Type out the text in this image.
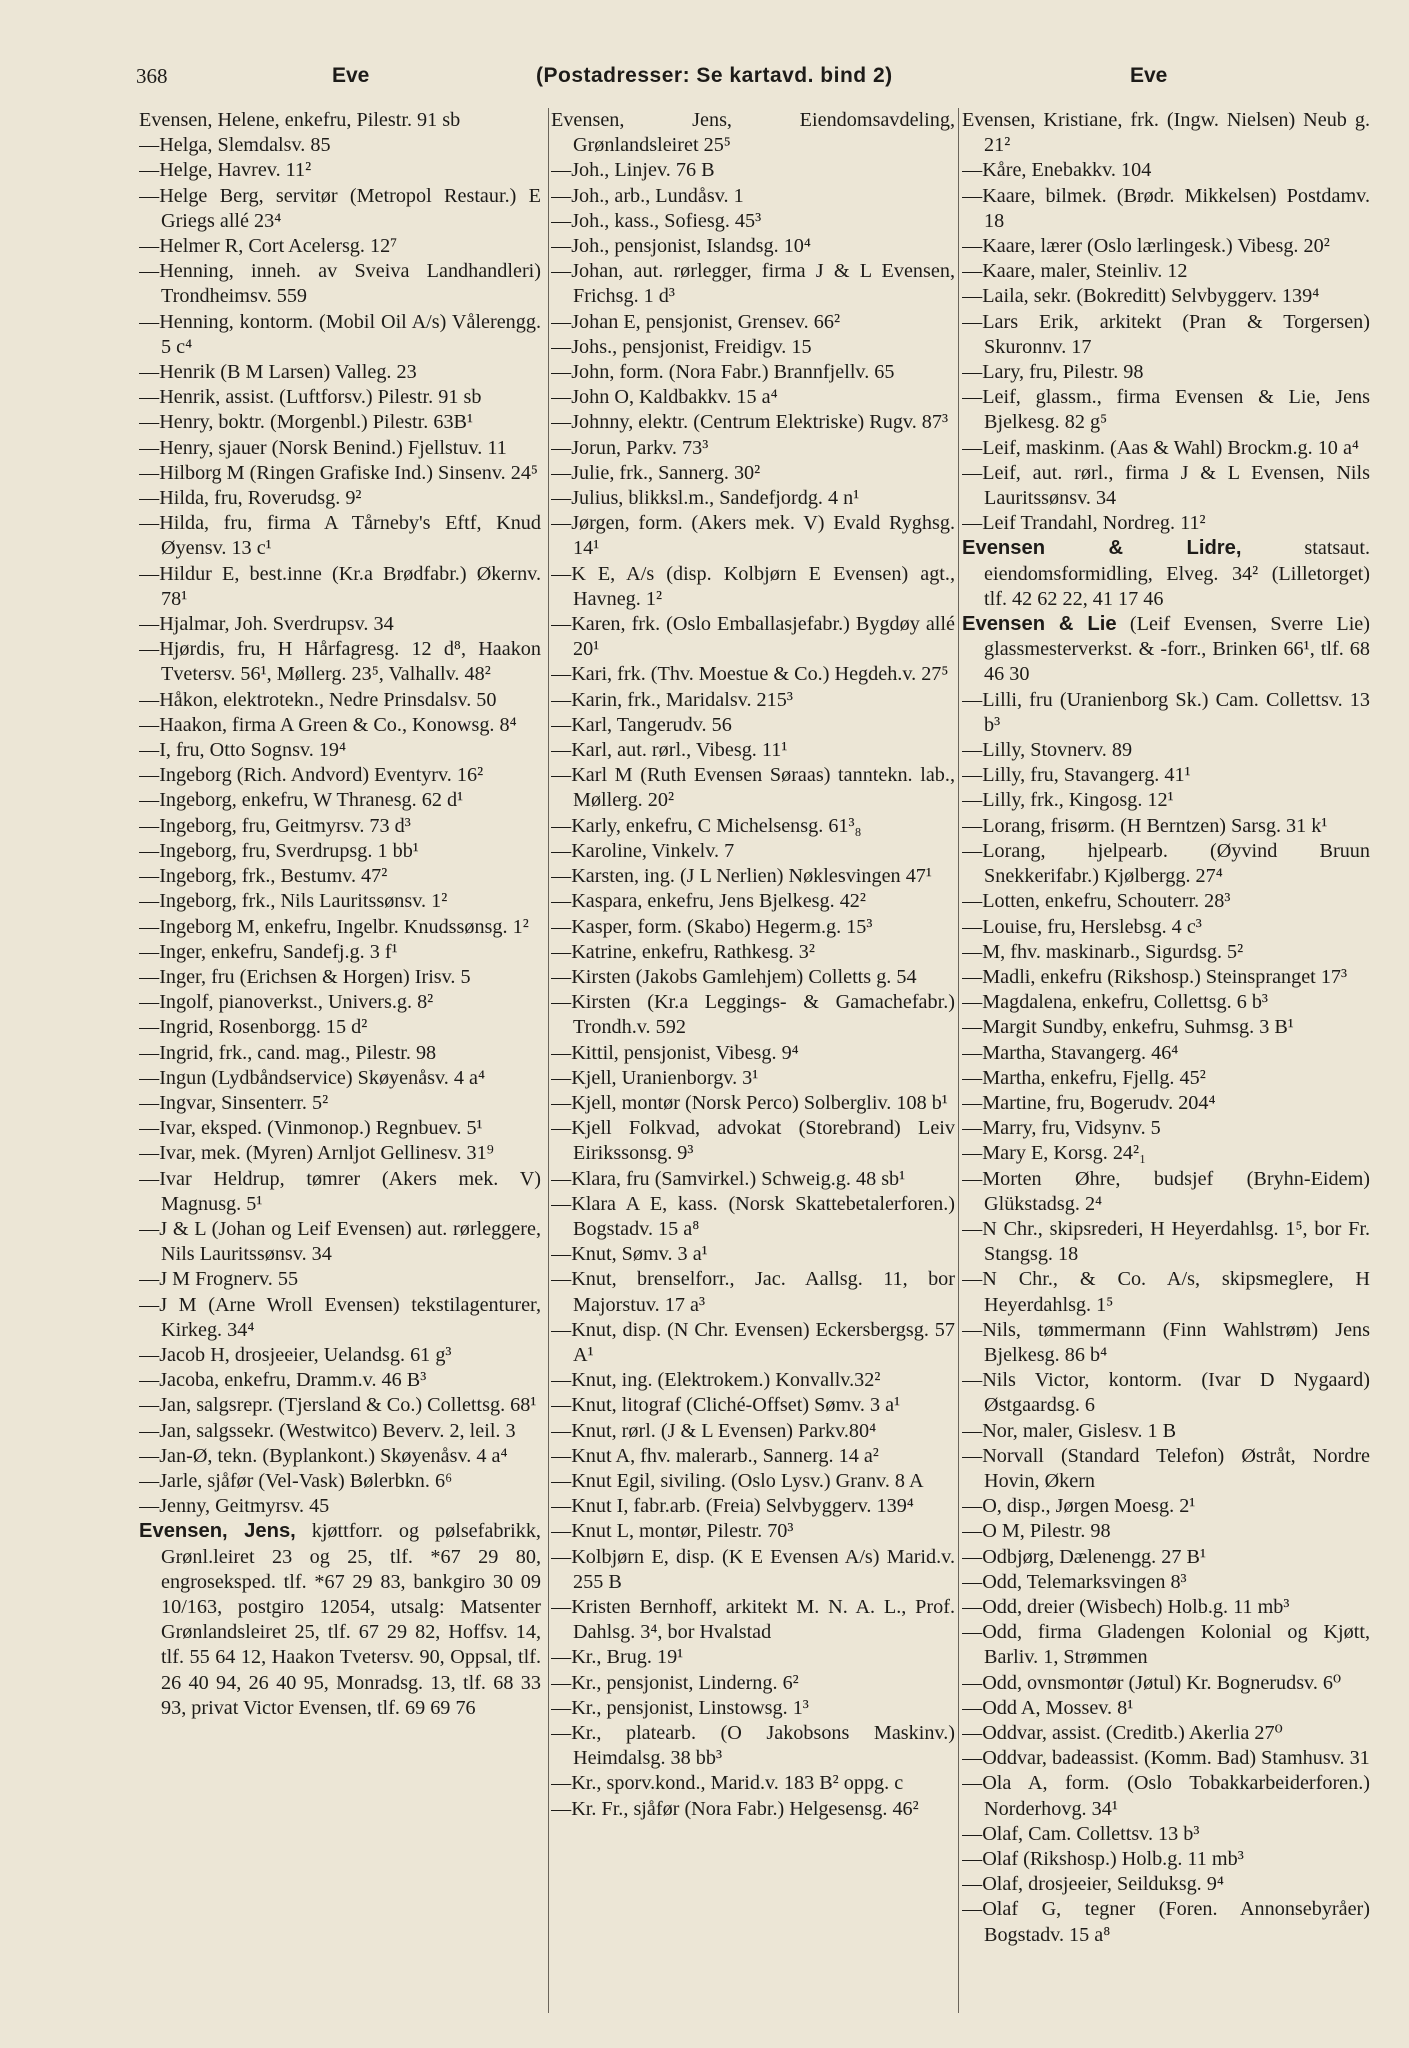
368	Eve	(Postadresser: Se kartavd. bind 2)	Eve
Evensen, Helene, enkefru, Pilestr. 91 sb
—Helga, Slemdalsv. 85
—Helge, Havrev. 11²
—Helge Berg, servitør (Metropol Restaur.) E Griegs allé 23⁴
—Helmer R, Cort Acelersg. 12⁷
—Henning, inneh. av Sveiva Landhandleri) Trondheimsv. 559
—Henning, kontorm. (Mobil Oil A/s) Vålerengg. 5 c⁴
—Henrik (B M Larsen) Valleg. 23
—Henrik, assist. (Luftforsv.) Pilestr. 91 sb
—Henry, boktr. (Morgenbl.) Pilestr. 63B¹
—Henry, sjauer (Norsk Benind.) Fjellstuv. 11
—Hilborg M (Ringen Grafiske Ind.) Sinsenv. 24⁵
—Hilda, fru, Roverudsg. 9²
—Hilda, fru, firma A Tårneby's Eftf, Knud Øyensv. 13 c¹
—Hildur E, best.inne (Kr.a Brødfabr.) Økernv. 78¹
—Hjalmar, Joh. Sverdrupsv. 34
—Hjørdis, fru, H Hårfagresg. 12 d⁸, Haakon Tvetersv. 56¹, Møllerg. 23⁵, Valhallv. 48²
—Håkon, elektrotekn., Nedre Prinsdalsv. 50
—Haakon, firma A Green & Co., Konowsg. 8⁴
—I, fru, Otto Sognsv. 19⁴
—Ingeborg (Rich. Andvord) Eventyrv. 16²
—Ingeborg, enkefru, W Thranesg. 62 d¹
—Ingeborg, fru, Geitmyrsv. 73 d³
—Ingeborg, fru, Sverdrupsg. 1 bb¹
—Ingeborg, frk., Bestumv. 47²
—Ingeborg, frk., Nils Lauritssønsv. 1²
—Ingeborg M, enkefru, Ingelbr. Knudssønsg. 1²
—Inger, enkefru, Sandefj.g. 3 f¹
—Inger, fru (Erichsen & Horgen) Irisv. 5
—Ingolf, pianoverkst., Univers.g. 8²
—Ingrid, Rosenborgg. 15 d²
—Ingrid, frk., cand. mag., Pilestr. 98
—Ingun (Lydbåndservice) Skøyenåsv. 4 a⁴
—Ingvar, Sinsenterr. 5²
—Ivar, eksped. (Vinmonop.) Regnbuev. 5¹
—Ivar, mek. (Myren) Arnljot Gellinesv. 31⁹
—Ivar Heldrup, tømrer (Akers mek. V) Magnusg. 5¹
—J & L (Johan og Leif Evensen) aut. rørleggere, Nils Lauritssønsv. 34
—J M Frognerv. 55
—J M (Arne Wroll Evensen) tekstilagenturer, Kirkeg. 34⁴
—Jacob H, drosjeeier, Uelandsg. 61 g³
—Jacoba, enkefru, Dramm.v. 46 B³
—Jan, salgsrepr. (Tjersland & Co.) Collettsg. 68¹
—Jan, salgssekr. (Westwitco) Beverv. 2, leil. 3
—Jan-Ø, tekn. (Byplankont.) Skøyenåsv. 4 a⁴
—Jarle, sjåfør (Vel-Vask) Bølerbkn. 6⁶
—Jenny, Geitmyrsv. 45
Evensen, Jens, kjøttforr. og pølsefabrikk, Grønl.leiret 23 og 25, tlf. *67 29 80, engroseksped. tlf. *67 29 83, bankgiro 30 09 10/163, postgiro 12054, utsalg: Matsenter Grønlandsleiret 25, tlf. 67 29 82, Hoffsv. 14, tlf. 55 64 12, Haakon Tvetersv. 90, Oppsal, tlf. 26 40 94, 26 40 95, Monradsg. 13, tlf. 68 33 93, privat Victor Evensen, tlf. 69 69 76
Evensen, Jens, Eiendomsavdeling, Grønlandsleiret 25⁵
—Joh., Linjev. 76 B
—Joh., arb., Lundåsv. 1
—Joh., kass., Sofiesg. 45³
—Joh., pensjonist, Islandsg. 10⁴
—Johan, aut. rørlegger, firma J & L Evensen, Frichsg. 1 d³
—Johan E, pensjonist, Grensev. 66²
—Johs., pensjonist, Freidigv. 15
—John, form. (Nora Fabr.) Brannfjellv. 65
—John O, Kaldbakkv. 15 a⁴
—Johnny, elektr. (Centrum Elektriske) Rugv. 87³
—Jorun, Parkv. 73³
—Julie, frk., Sannerg. 30²
—Julius, blikksl.m., Sandefjordg. 4 n¹
—Jørgen, form. (Akers mek. V) Evald Ryghsg. 14¹
—K E, A/s (disp. Kolbjørn E Evensen) agt., Havneg. 1²
—Karen, frk. (Oslo Emballasjefabr.) Bygdøy allé 20¹
—Kari, frk. (Thv. Moestue & Co.) Hegdeh.v. 27⁵
—Karin, frk., Maridalsv. 215³
—Karl, Tangerudv. 56
—Karl, aut. rørl., Vibesg. 11¹
—Karl M (Ruth Evensen Søraas) tanntekn. lab., Møllerg. 20²
—Karly, enkefru, C Michelsensg. 61³₈
—Karoline, Vinkelv. 7
—Karsten, ing. (J L Nerlien) Nøklesvingen 47¹
—Kaspara, enkefru, Jens Bjelkesg. 42²
—Kasper, form. (Skabo) Hegerm.g. 15³
—Katrine, enkefru, Rathkesg. 3²
—Kirsten (Jakobs Gamlehjem) Colletts g. 54
—Kirsten (Kr.a Leggings- & Gamachefabr.) Trondh.v. 592
—Kittil, pensjonist, Vibesg. 9⁴
—Kjell, Uranienborgv. 3¹
—Kjell, montør (Norsk Perco) Solbergliv. 108 b¹
—Kjell Folkvad, advokat (Storebrand) Leiv Eirikssonsg. 9³
—Klara, fru (Samvirkel.) Schweig.g. 48 sb¹
—Klara A E, kass. (Norsk Skattebetalerforen.) Bogstadv. 15 a⁸
—Knut, Sømv. 3 a¹
—Knut, brenselforr., Jac. Aallsg. 11, bor Majorstuv. 17 a³
—Knut, disp. (N Chr. Evensen) Eckersbergsg. 57 A¹
—Knut, ing. (Elektrokem.) Konvallv.32²
—Knut, litograf (Cliché-Offset) Sømv. 3 a¹
—Knut, rørl. (J & L Evensen) Parkv.80⁴
—Knut A, fhv. malerarb., Sannerg. 14 a²
—Knut Egil, siviling. (Oslo Lysv.) Granv. 8 A
—Knut I, fabr.arb. (Freia) Selvbyggerv. 139⁴
—Knut L, montør, Pilestr. 70³
—Kolbjørn E, disp. (K E Evensen A/s) Marid.v. 255 B
—Kristen Bernhoff, arkitekt M. N. A. L., Prof. Dahlsg. 3⁴, bor Hvalstad
—Kr., Brug. 19¹
—Kr., pensjonist, Linderng. 6²
—Kr., pensjonist, Linstowsg. 1³
—Kr., platearb. (O Jakobsons Maskinv.) Heimdalsg. 38 bb³
—Kr., sporv.kond., Marid.v. 183 B² oppg. c
—Kr. Fr., sjåfør (Nora Fabr.) Helgesensg. 46²
Evensen, Kristiane, frk. (Ingw. Nielsen) Neub g. 21²
—Kåre, Enebakkv. 104
—Kaare, bilmek. (Brødr. Mikkelsen) Postdamv. 18
—Kaare, lærer (Oslo lærlingesk.) Vibesg. 20²
—Kaare, maler, Steinliv. 12
—Laila, sekr. (Bokreditt) Selvbyggerv. 139⁴
—Lars Erik, arkitekt (Pran & Torgersen) Skuronnv. 17
—Lary, fru, Pilestr. 98
—Leif, glassm., firma Evensen & Lie, Jens Bjelkesg. 82 g⁵
—Leif, maskinm. (Aas & Wahl) Brockm.g. 10 a⁴
—Leif, aut. rørl., firma J & L Evensen, Nils Lauritssønsv. 34
—Leif Trandahl, Nordreg. 11²
Evensen & Lidre, statsaut. eiendomsformidling, Elveg. 34² (Lilletorget) tlf. 42 62 22, 41 17 46
Evensen & Lie (Leif Evensen, Sverre Lie) glassmesterverkst. & -forr., Brinken 66¹, tlf. 68 46 30
—Lilli, fru (Uranienborg Sk.) Cam. Collettsv. 13 b³
—Lilly, Stovnerv. 89
—Lilly, fru, Stavangerg. 41¹
—Lilly, frk., Kingosg. 12¹
—Lorang, frisørm. (H Berntzen) Sarsg. 31 k¹
—Lorang, hjelpearb. (Øyvind Bruun Snekkerifabr.) Kjølbergg. 27⁴
—Lotten, enkefru, Schouterr. 28³
—Louise, fru, Herslebsg. 4 c³
—M, fhv. maskinarb., Sigurdsg. 5²
—Madli, enkefru (Rikshosp.) Steinspranget 17³
—Magdalena, enkefru, Collettsg. 6 b³
—Margit Sundby, enkefru, Suhmsg. 3 B¹
—Martha, Stavangerg. 46⁴
—Martha, enkefru, Fjellg. 45²
—Martine, fru, Bogerudv. 204⁴
—Marry, fru, Vidsynv. 5
—Mary E, Korsg. 24²₁
—Morten Øhre, budsjef (Bryhn-Eidem) Glükstadsg. 2⁴
—N Chr., skipsrederi, H Heyerdahlsg. 1⁵, bor Fr. Stangsg. 18
—N Chr., & Co. A/s, skipsmeglere, H Heyerdahlsg. 1⁵
—Nils, tømmermann (Finn Wahlstrøm) Jens Bjelkesg. 86 b⁴
—Nils Victor, kontorm. (Ivar D Nygaard) Østgaardsg. 6
—Nor, maler, Gislesv. 1 B
—Norvall (Standard Telefon) Østråt, Nordre Hovin, Økern
—O, disp., Jørgen Moesg. 2¹
—O M, Pilestr. 98
—Odbjørg, Dælenengg. 27 B¹
—Odd, Telemarksvingen 8³
—Odd, dreier (Wisbech) Holb.g. 11 mb³
—Odd, firma Gladengen Kolonial og Kjøtt, Barliv. 1, Strømmen
—Odd, ovnsmontør (Jøtul) Kr. Bognerudsv. 6⁰
—Odd A, Mossev. 8¹
—Oddvar, assist. (Creditb.) Akerlia 27⁰
—Oddvar, badeassist. (Komm. Bad) Stamhusv. 31
—Ola A, form. (Oslo Tobakkarbeiderforen.) Norderhovg. 34¹
—Olaf, Cam. Collettsv. 13 b³
—Olaf (Rikshosp.) Holb.g. 11 mb³
—Olaf, drosjeeier, Seilduksg. 9⁴
—Olaf G, tegner (Foren. Annonsebyråer) Bogstadv. 15 a⁸
